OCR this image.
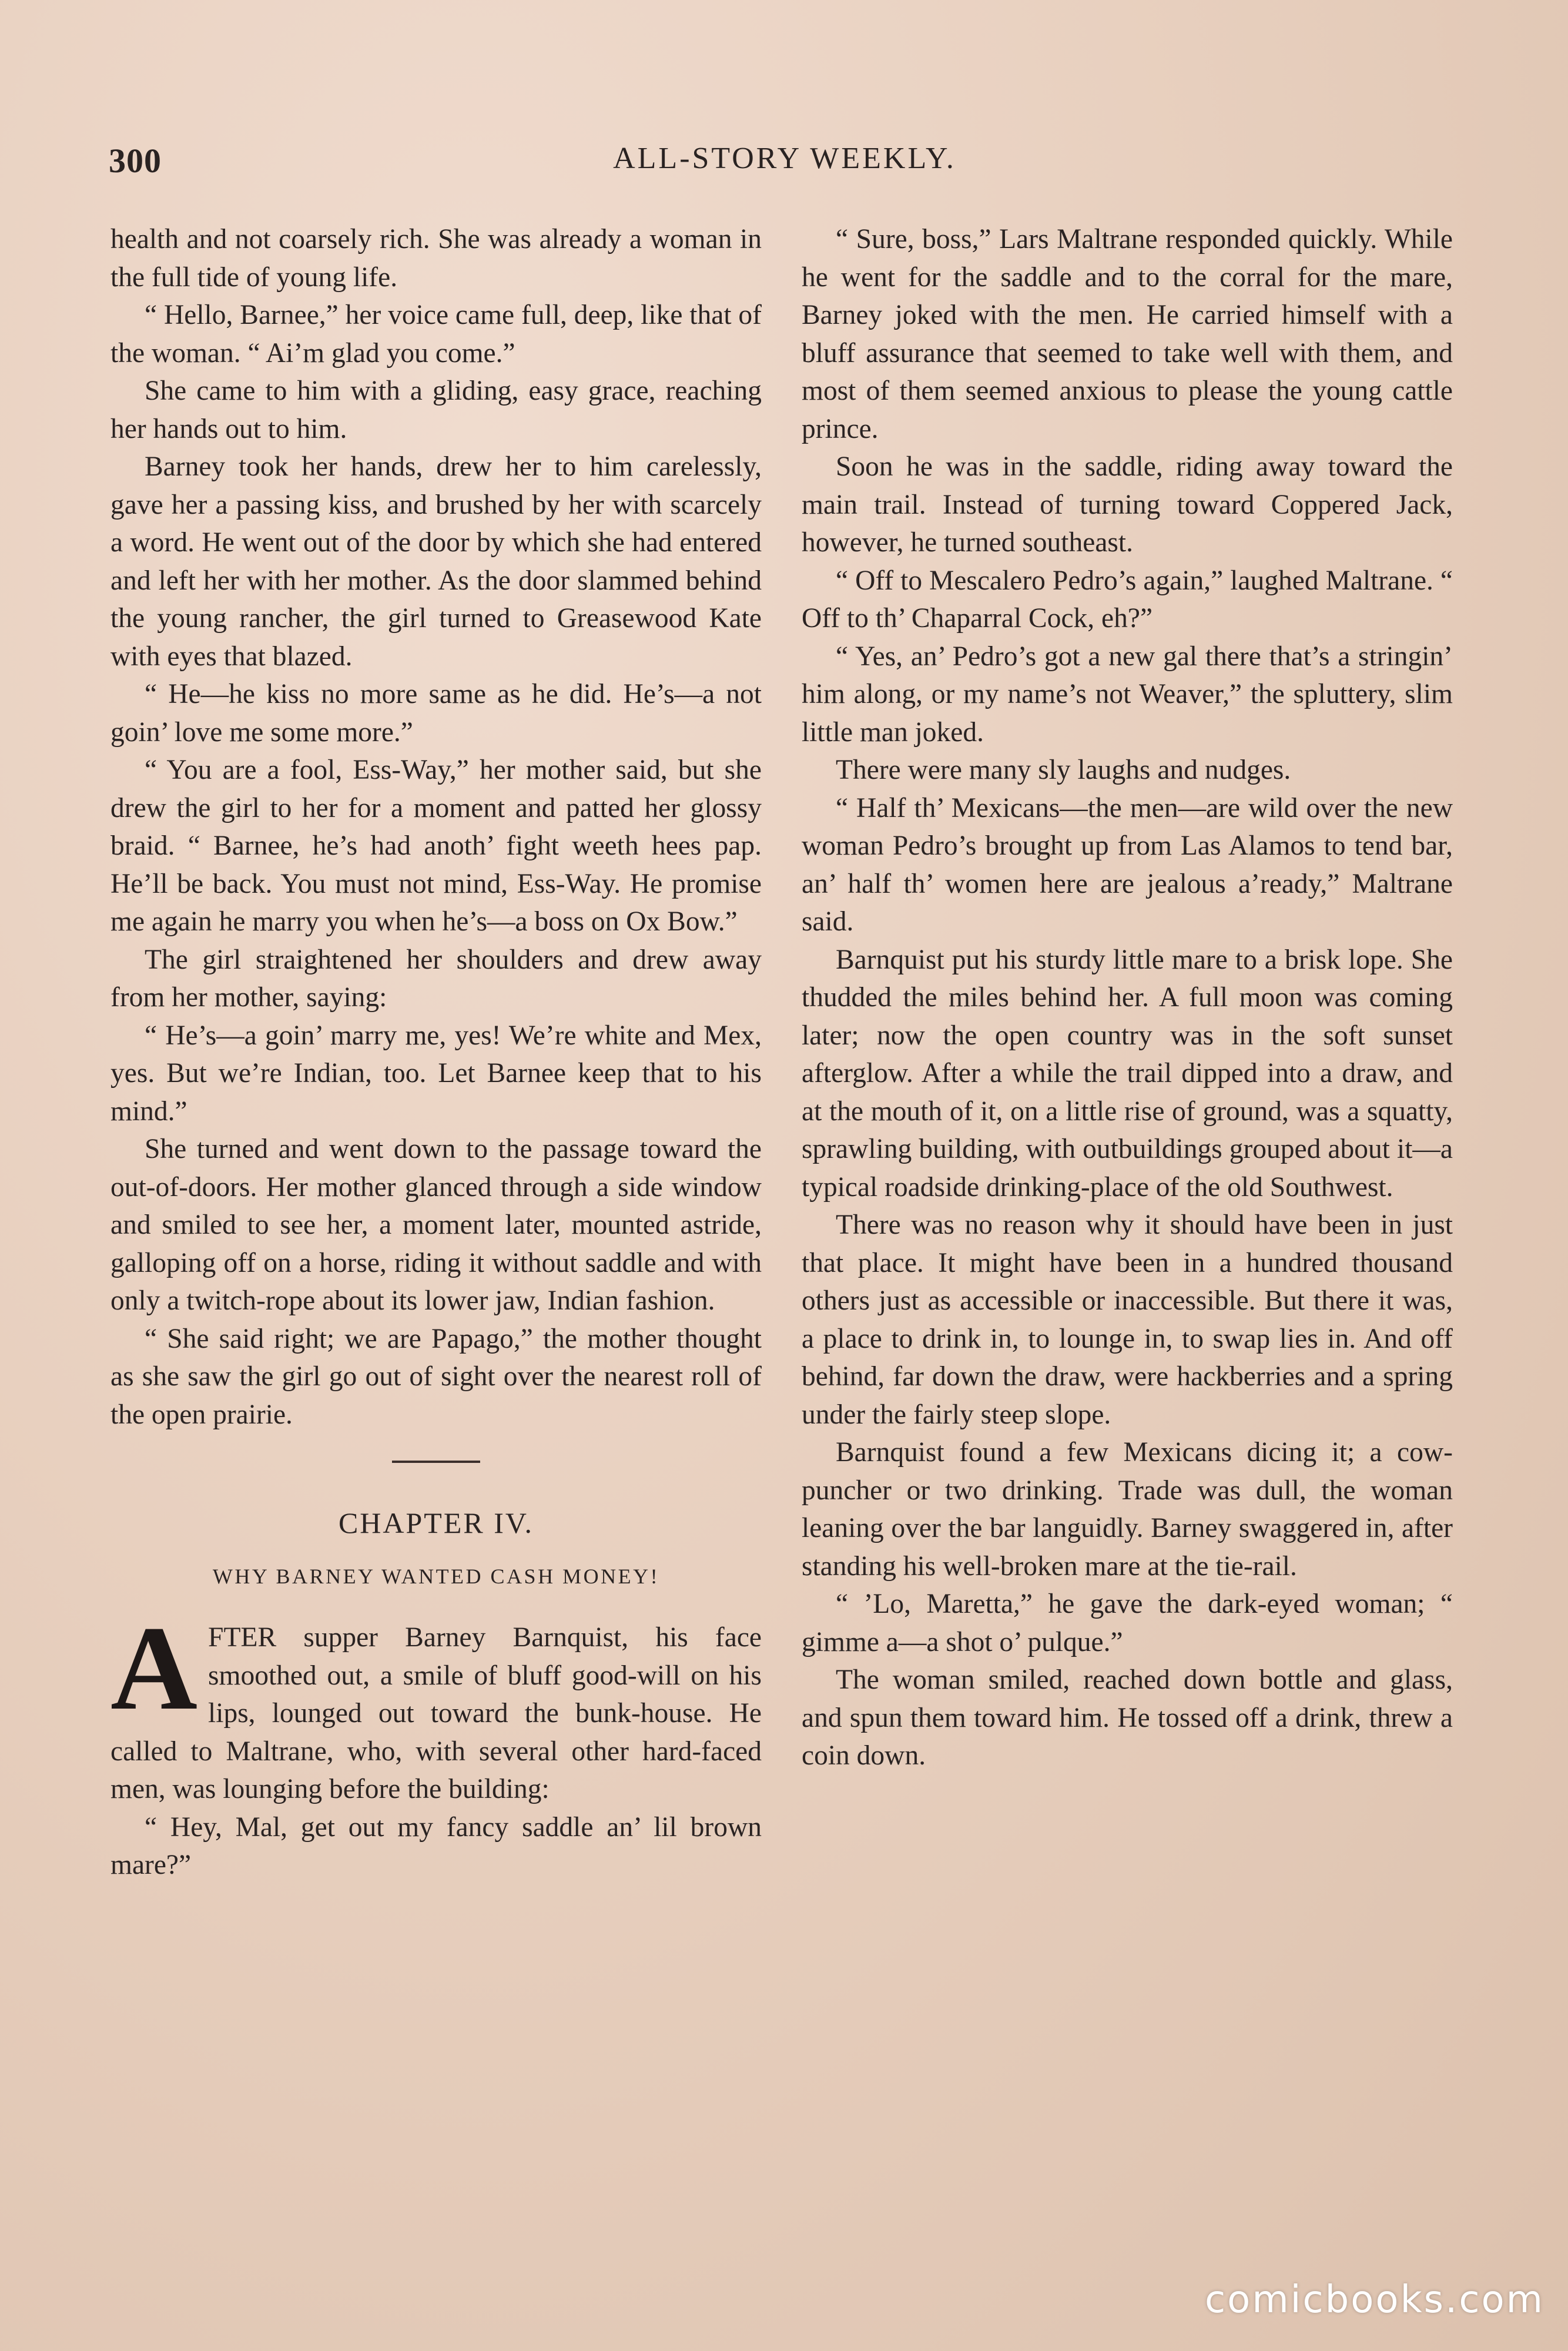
300	ALL-STORY WEEKLY.

health and not coarsely rich. She was already a woman in the full tide of young life.

“ Hello, Barnee,” her voice came full, deep, like that of the woman. “ Ai’m glad you come.”

She came to him with a gliding, easy grace, reaching her hands out to him.

Barney took her hands, drew her to him carelessly, gave her a passing kiss, and brushed by her with scarcely a word. He went out of the door by which she had entered and left her with her mother. As the door slammed behind the young rancher, the girl turned to Greasewood Kate with eyes that blazed.

“ He—he kiss no more same as he did. He’s—a not goin’ love me some more.”

“ You are a fool, Ess-Way,” her mother said, but she drew the girl to her for a moment and patted her glossy braid. “ Barnee, he’s had anoth’ fight weeth hees pap. He’ll be back. You must not mind, Ess-Way. He promise me again he marry you when he’s—a boss on Ox Bow.”

The girl straightened her shoulders and drew away from her mother, saying:

“ He’s—a goin’ marry me, yes! We’re white and Mex, yes. But we’re Indian, too. Let Barnee keep that to his mind.”

She turned and went down to the passage toward the out-of-doors. Her mother glanced through a side window and smiled to see her, a moment later, mounted astride, galloping off on a horse, riding it without saddle and with only a twitch-rope about its lower jaw, Indian fashion.

“ She said right; we are Papago,” the mother thought as she saw the girl go out of sight over the nearest roll of the open prairie.

CHAPTER IV.
WHY BARNEY WANTED CASH MONEY!

A FTER supper Barney Barnquist, his face smoothed out, a smile of bluff good-will on his lips, lounged out toward the bunk-house. He called to Maltrane, who, with several other hard-faced men, was lounging before the building:

“ Hey, Mal, get out my fancy saddle an’ lil brown mare?”

“ Sure, boss,” Lars Maltrane responded quickly. While he went for the saddle and to the corral for the mare, Barney joked with the men. He carried himself with a bluff assurance that seemed to take well with them, and most of them seemed anxious to please the young cattle prince.

Soon he was in the saddle, riding away toward the main trail. Instead of turning toward Coppered Jack, however, he turned southeast.

“ Off to Mescalero Pedro’s again,” laughed Maltrane. “ Off to th’ Chaparral Cock, eh?”

“ Yes, an’ Pedro’s got a new gal there that’s a stringin’ him along, or my name’s not Weaver,” the spluttery, slim little man joked.

There were many sly laughs and nudges.

“ Half th’ Mexicans—the men—are wild over the new woman Pedro’s brought up from Las Alamos to tend bar, an’ half th’ women here are jealous a’ready,” Maltrane said.

Barnquist put his sturdy little mare to a brisk lope. She thudded the miles behind her. A full moon was coming later; now the open country was in the soft sunset afterglow. After a while the trail dipped into a draw, and at the mouth of it, on a little rise of ground, was a squatty, sprawling building, with outbuildings grouped about it—a typical roadside drinking-place of the old Southwest.

There was no reason why it should have been in just that place. It might have been in a hundred thousand others just as accessible or inaccessible. But there it was, a place to drink in, to lounge in, to swap lies in. And off behind, far down the draw, were hackberries and a spring under the fairly steep slope.

Barnquist found a few Mexicans dicing it; a cow-puncher or two drinking. Trade was dull, the woman leaning over the bar languidly. Barney swaggered in, after standing his well-broken mare at the tie-rail.

“ ’Lo, Maretta,” he gave the dark-eyed woman; “ gimme a—a shot o’ pulque.”

The woman smiled, reached down bottle and glass, and spun them toward him. He tossed off a drink, threw a coin down.

comicbooks.com
